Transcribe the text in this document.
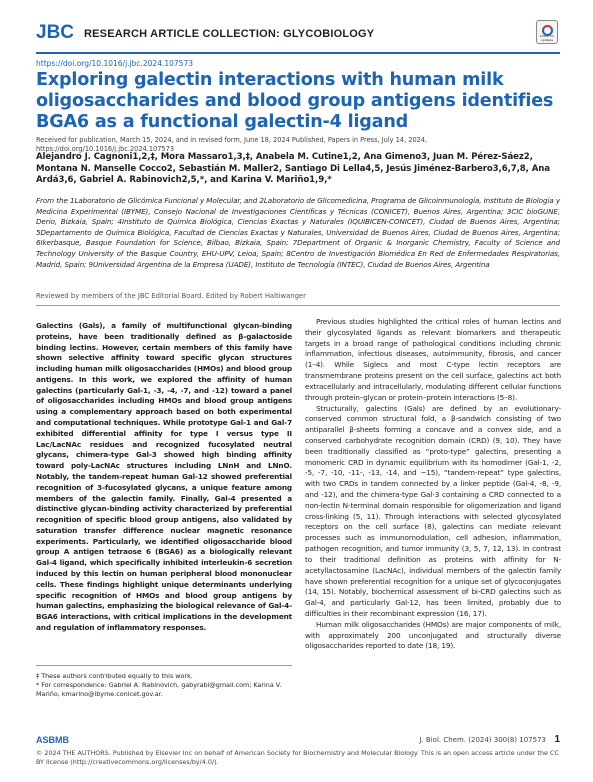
JBC RESEARCH ARTICLE COLLECTION: GLYCOBIOLOGY	Check for updates
https://doi.org/10.1016/j.jbc.2024.107573
Exploring galectin interactions with human milk oligosaccharides and blood group antigens identifies BGA6 as a functional galectin-4 ligand
Received for publication, March 15, 2024, and in revised form, June 18, 2024 Published, Papers in Press, July 14, 2024, https://doi.org/10.1016/j.jbc.2024.107573
Alejandro J. Cagnoni1,2,‡, Mora Massaro1,3,‡, Anabela M. Cutine1,2, Ana Gimeno3, Juan M. Pérez-Sáez2, Montana N. Manselle Cocco2, Sebastián M. Maller2, Santiago Di Lella4,5, Jesús Jiménez-Barbero3,6,7,8, Ana Ardá3,6, Gabriel A. Rabinovich2,5,*, and Karina V. Mariño1,9,*
From the 1Laboratorio de Glicómica Funcional y Molecular, and 2Laboratorio de Glicomedicina, Programa de Glicoinmunología, Instituto de Biología y Medicina Experimental (IBYME), Consejo Nacional de Investigaciones Científicas y Técnicas (CONICET), Buenos Aires, Argentina; 3CIC bioGUNE, Derio, Bizkaia, Spain; 4Instituto de Química Biológica, Ciencias Exactas y Naturales (IQUIBICEN-CONICET), Ciudad de Buenos Aires, Argentina; 5Departamento de Química Biológica, Facultad de Ciencias Exactas y Naturales, Universidad de Buenos Aires, Ciudad de Buenos Aires, Argentina; 6Ikerbasque, Basque Foundation for Science, Bilbao, Bizkaia, Spain; 7Department of Organic & Inorganic Chemistry, Faculty of Science and Technology University of the Basque Country, EHU-UPV, Leioa, Spain; 8Centro de Investigación Biomédica En Red de Enfermedades Respiratorias, Madrid, Spain; 9Universidad Argentina de la Empresa (UADE), Instituto de Tecnología (INTEC), Ciudad de Buenos Aires, Argentina
Reviewed by members of the JBC Editorial Board. Edited by Robert Haltiwanger
Galectins (Gals), a family of multifunctional glycan-binding proteins, have been traditionally defined as β-galactoside binding lectins. However, certain members of this family have shown selective affinity toward specific glycan structures including human milk oligosaccharides (HMOs) and blood group antigens. In this work, we explored the affinity of human galectins (particularly Gal-1, -3, -4, -7, and -12) toward a panel of oligosaccharides including HMOs and blood group antigens using a complementary approach based on both experimental and computational techniques. While prototype Gal-1 and Gal-7 exhibited differential affinity for type I versus type II Lac/LacNAc residues and recognized fucosylated neutral glycans, chimera-type Gal-3 showed high binding affinity toward poly-LacNAc structures including LNnH and LNnO. Notably, the tandem-repeat human Gal-12 showed preferential recognition of 3-fucosylated glycans, a unique feature among members of the galectin family. Finally, Gal-4 presented a distinctive glycan-binding activity characterized by preferential recognition of specific blood group antigens, also validated by saturation transfer difference nuclear magnetic resonance experiments. Particularly, we identified oligosaccharide blood group A antigen tetraose 6 (BGA6) as a biologically relevant Gal-4 ligand, which specifically inhibited interleukin-6 secretion induced by this lectin on human peripheral blood mononuclear cells. These findings highlight unique determinants underlying specific recognition of HMOs and blood group antigens by human galectins, emphasizing the biological relevance of Gal-4-BGA6 interactions, with critical implications in the development and regulation of inflammatory responses.

Previous studies highlighted the critical roles of human lectins and their glycosylated ligands as relevant biomarkers and therapeutic targets in a broad range of pathological conditions including chronic inflammation, infectious diseases, autoimmunity, fibrosis, and cancer (1–4). While Siglecs and most C-type lectin receptors are transmembrane proteins present on the cell surface, galectins act both extracellularly and intracellularly, modulating different cellular functions through protein–glycan or protein–protein interactions (5–8).

Structurally, galectins (Gals) are defined by an evolutionary-conserved common structural fold, a β-sandwich consisting of two antiparallel β-sheets forming a concave and a convex side, and a conserved carbohydrate recognition domain (CRD) (9, 10). They have been traditionally classified as “proto-type” galectins, presenting a monomeric CRD in dynamic equilibrium with its homodimer (Gal-1, -2, -5, -7, -10, -11-, -13, -14, and −15), “tandem-repeat” type galectins, with two CRDs in tandem connected by a linker peptide (Gal-4, -8, -9, and -12), and the chimera-type Gal-3 containing a CRD connected to a non-lectin N-terminal domain responsible for oligomerization and ligand cross-linking (5, 11). Through interactions with selected glycosylated receptors on the cell surface (8), galectins can mediate relevant processes such as immunomodulation, cell adhesion, inflammation, pathogen recognition, and tumor immunity (3, 5, 7, 12, 13). In contrast to their traditional definition as proteins with affinity for N-acetyllactosamine (LacNAc), individual members of the galectin family have shown preferential recognition for a unique set of glycoconjugates (14, 15). Notably, biochemical assessment of bi-CRD galectins such as Gal-4, and particularly Gal-12, has been limited, probably due to difficulties in their recombinant expression (16, 17).

Human milk oligosaccharides (HMOs) are major components of milk, with approximately 200 unconjugated and structurally diverse oligosaccharides reported to date (18, 19).

‡ These authors contributed equally to this work.

* For correspondence: Gabriel A. Rabinovich, gabyrabi@gmail.com; Karina V. Mariño, kmarino@ibyme.conicet.gov.ar.

ASBMB	J. Biol. Chem. (2024) 300(8) 107573 1
© 2024 THE AUTHORS. Published by Elsevier Inc on behalf of American Society for Biochemistry and Molecular Biology. This is an open access article under the CC BY license (http://creativecommons.org/licenses/by/4.0/).
